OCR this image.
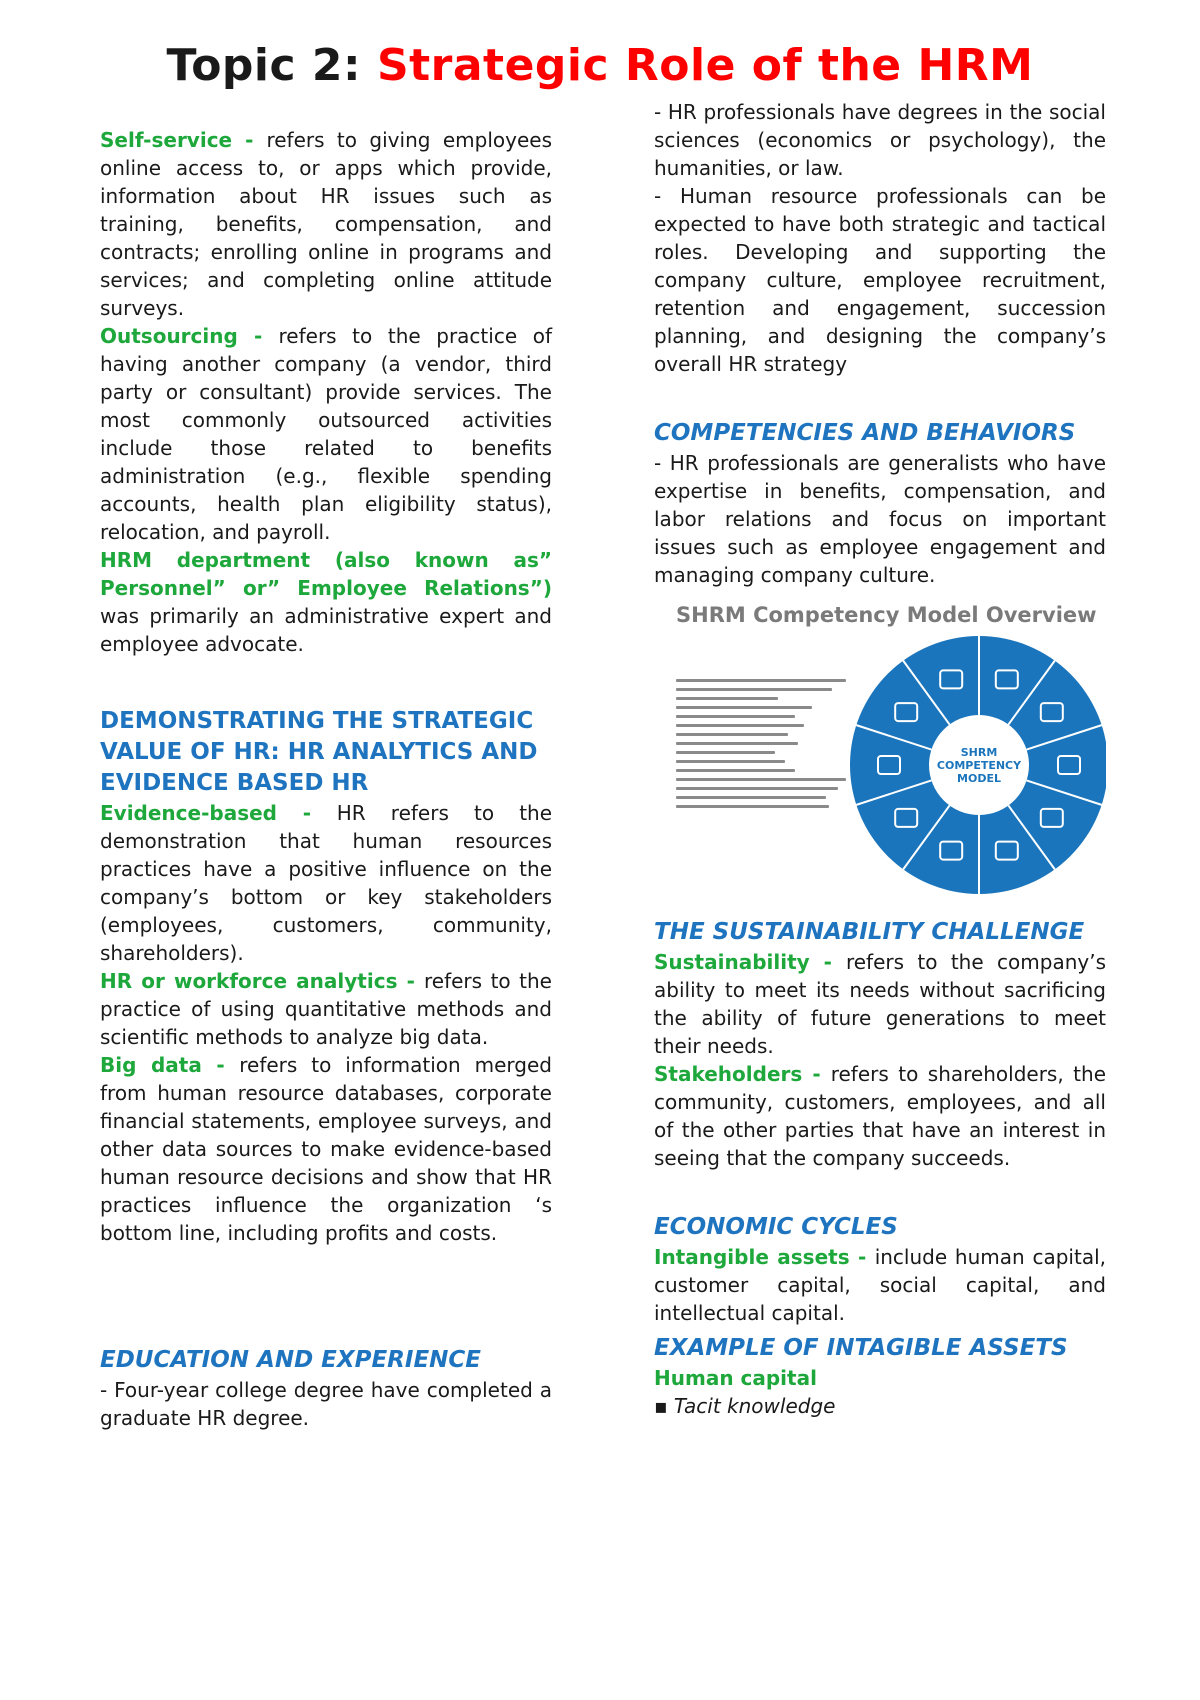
Topic 2: Strategic Role of the HRM

Self-service - refers to giving employees online access to, or apps which provide, information about HR issues such as training, benefits, compensation, and contracts; enrolling online in programs and services; and completing online attitude surveys.

Outsourcing - refers to the practice of having another company (a vendor, third party or consultant) provide services. The most commonly outsourced activities include those related to benefits administration (e.g., flexible spending accounts, health plan eligibility status), relocation, and payroll.

HRM department (also known as” Personnel” or” Employee Relations”) was primarily an administrative expert and employee advocate.

DEMONSTRATING THE STRATEGIC VALUE OF HR: HR ANALYTICS AND EVIDENCE BASED HR

Evidence-based - HR refers to the demonstration that human resources practices have a positive influence on the company’s bottom or key stakeholders (employees, customers, community, shareholders).

HR or workforce analytics - refers to the practice of using quantitative methods and scientific methods to analyze big data.

Big data - refers to information merged from human resource databases, corporate financial statements, employee surveys, and other data sources to make evidence-based human resource decisions and show that HR practices influence the organization ‘s bottom line, including profits and costs.

EDUCATION AND EXPERIENCE

- Four-year college degree have completed a graduate HR degree.

- HR professionals have degrees in the social sciences (economics or psychology), the humanities, or law.

- Human resource professionals can be expected to have both strategic and tactical roles. Developing and supporting the company culture, employee recruitment, retention and engagement, succession planning, and designing the company’s overall HR strategy

COMPETENCIES AND BEHAVIORS

- HR professionals are generalists who have expertise in benefits, compensation, and labor relations and focus on important issues such as employee engagement and managing company culture.

SHRM Competency Model Overview
SHRM COMPETENCY MODEL
THE SUSTAINABILITY CHALLENGE

Sustainability - refers to the company’s ability to meet its needs without sacrificing the ability of future generations to meet their needs.

Stakeholders - refers to shareholders, the community, customers, employees, and all of the other parties that have an interest in seeing that the company succeeds.

ECONOMIC CYCLES

Intangible assets - include human capital, customer capital, social capital, and intellectual capital.

EXAMPLE OF INTAGIBLE ASSETS

Human capital

▪ Tacit knowledge
